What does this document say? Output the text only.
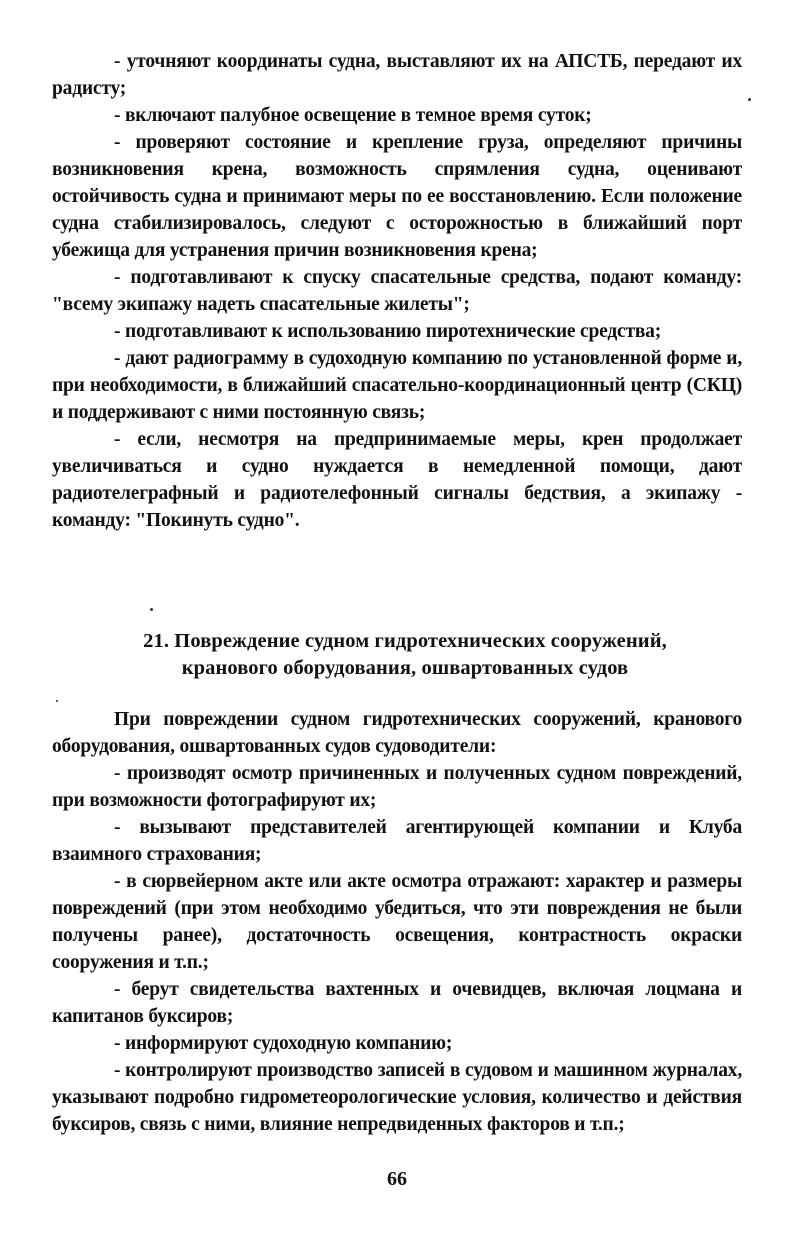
- уточняют координаты судна, выставляют их на АПСТБ, передают их радисту;

- включают палубное освещение в темное время суток;

- проверяют состояние и крепление груза, определяют причины возникновения крена, возможность спрямления судна, оценивают остойчивость судна и принимают меры по ее восстановлению. Если положение судна стабилизировалось, следуют с осторожностью в ближайший порт убежища для устранения причин возникновения крена;

- подготавливают к спуску спасательные средства, подают команду: "всему экипажу надеть спасательные жилеты";

- подготавливают к использованию пиротехнические средства;

- дают радиограмму в судоходную компанию по установленной форме и, при необходимости, в ближайший спасательно-координационный центр (СКЦ) и поддерживают с ними постоянную связь;

- если, несмотря на предпринимаемые меры, крен продолжает увеличиваться и судно нуждается в немедленной помощи, дают радиотелеграфный и радиотелефонный сигналы бедствия, а экипажу - команду: "Покинуть судно".

21. Повреждение судном гидротехнических сооружений,
кранового оборудования, ошвартованных судов

При повреждении судном гидротехнических сооружений, кранового оборудования, ошвартованных судов судоводители:

- производят осмотр причиненных и полученных судном повреждений, при возможности фотографируют их;

- вызывают представителей агентирующей компании и Клуба взаимного страхования;

- в сюрвейерном акте или акте осмотра отражают: характер и размеры повреждений (при этом необходимо убедиться, что эти повреждения не были получены ранее), достаточность освещения, контрастность окраски сооружения и т.п.;

- берут свидетельства вахтенных и очевидцев, включая лоцмана и капитанов буксиров;

- информируют судоходную компанию;

- контролируют производство записей в судовом и машинном журналах, указывают подробно гидрометеорологические условия, количество и действия буксиров, связь с ними, влияние непредвиденных факторов и т.п.;

66
